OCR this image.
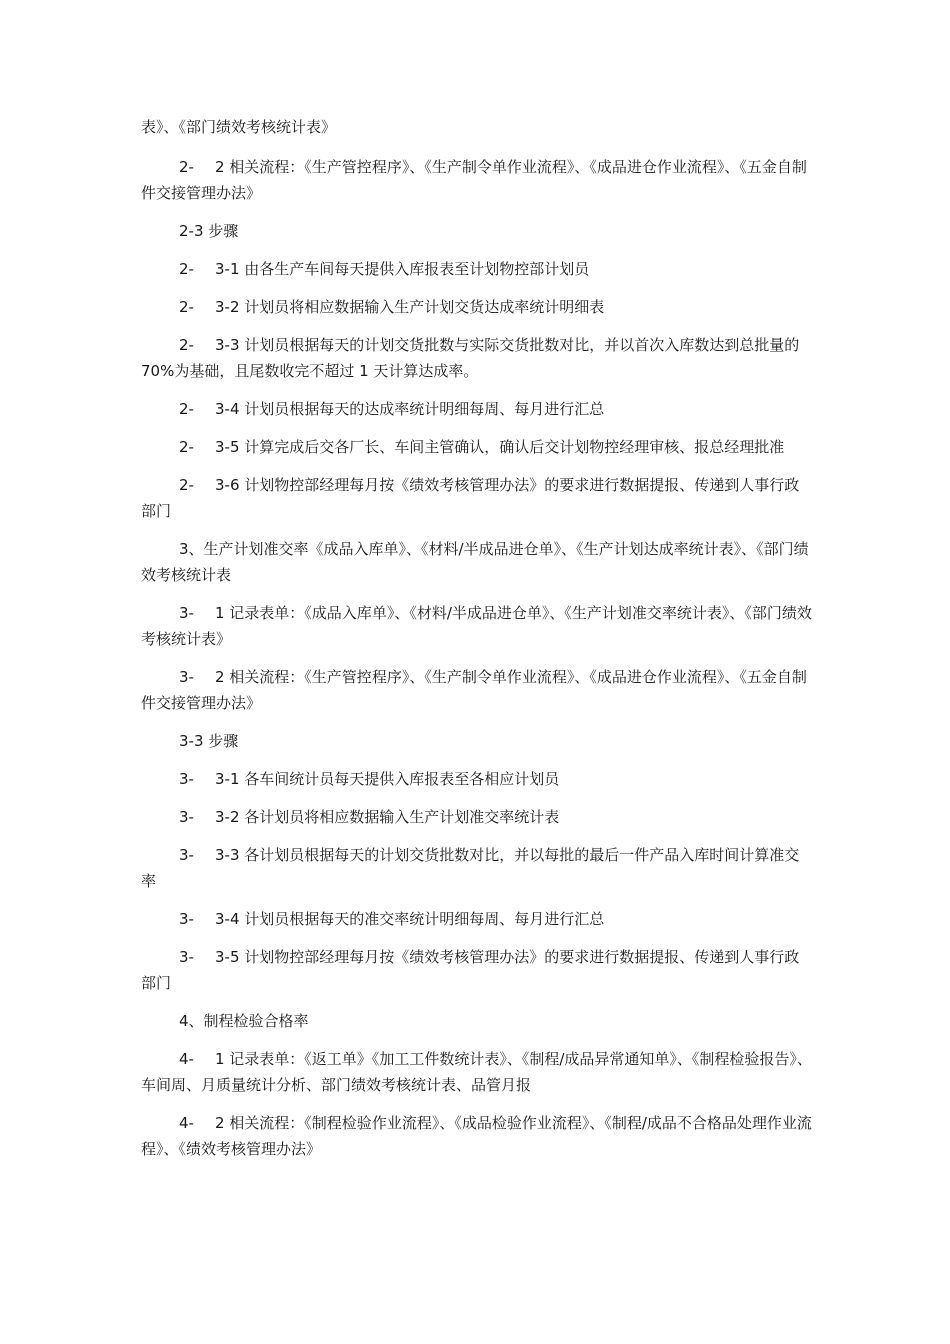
表》、《部门绩效考核统计表》

2- 2 相关流程：《生产管控程序》、《生产制令单作业流程》、《成品进仓作业流程》、《五金自制件交接管理办法》

2-3 步骤

2- 3-1 由各生产车间每天提供入库报表至计划物控部计划员

2- 3-2 计划员将相应数据输入生产计划交货达成率统计明细表

2- 3-3 计划员根据每天的计划交货批数与实际交货批数对比，并以首次入库数达到总批量的 70%为基础，且尾数收完不超过 1 天计算达成率。

2- 3-4 计划员根据每天的达成率统计明细每周、每月进行汇总

2- 3-5 计算完成后交各厂长、车间主管确认，确认后交计划物控经理审核、报总经理批准

2- 3-6 计划物控部经理每月按《绩效考核管理办法》的要求进行数据提报、传递到人事行政部门

3、生产计划准交率《成品入库单》、《材料/半成品进仓单》、《生产计划达成率统计表》、《部门绩效考核统计表

3- 1 记录表单：《成品入库单》、《材料/半成品进仓单》、《生产计划准交率统计表》、《部门绩效考核统计表》

3- 2 相关流程：《生产管控程序》、《生产制令单作业流程》、《成品进仓作业流程》、《五金自制件交接管理办法》

3-3 步骤

3- 3-1 各车间统计员每天提供入库报表至各相应计划员

3- 3-2 各计划员将相应数据输入生产计划准交率统计表

3- 3-3 各计划员根据每天的计划交货批数对比，并以每批的最后一件产品入库时间计算准交率

3- 3-4 计划员根据每天的准交率统计明细每周、每月进行汇总

3- 3-5 计划物控部经理每月按《绩效考核管理办法》的要求进行数据提报、传递到人事行政部门

4、制程检验合格率

4- 1 记录表单：《返工单》《加工工件数统计表》、《制程/成品异常通知单》、《制程检验报告》、车间周、月质量统计分析、部门绩效考核统计表、品管月报

4- 2 相关流程：《制程检验作业流程》、《成品检验作业流程》、《制程/成品不合格品处理作业流程》、《绩效考核管理办法》
